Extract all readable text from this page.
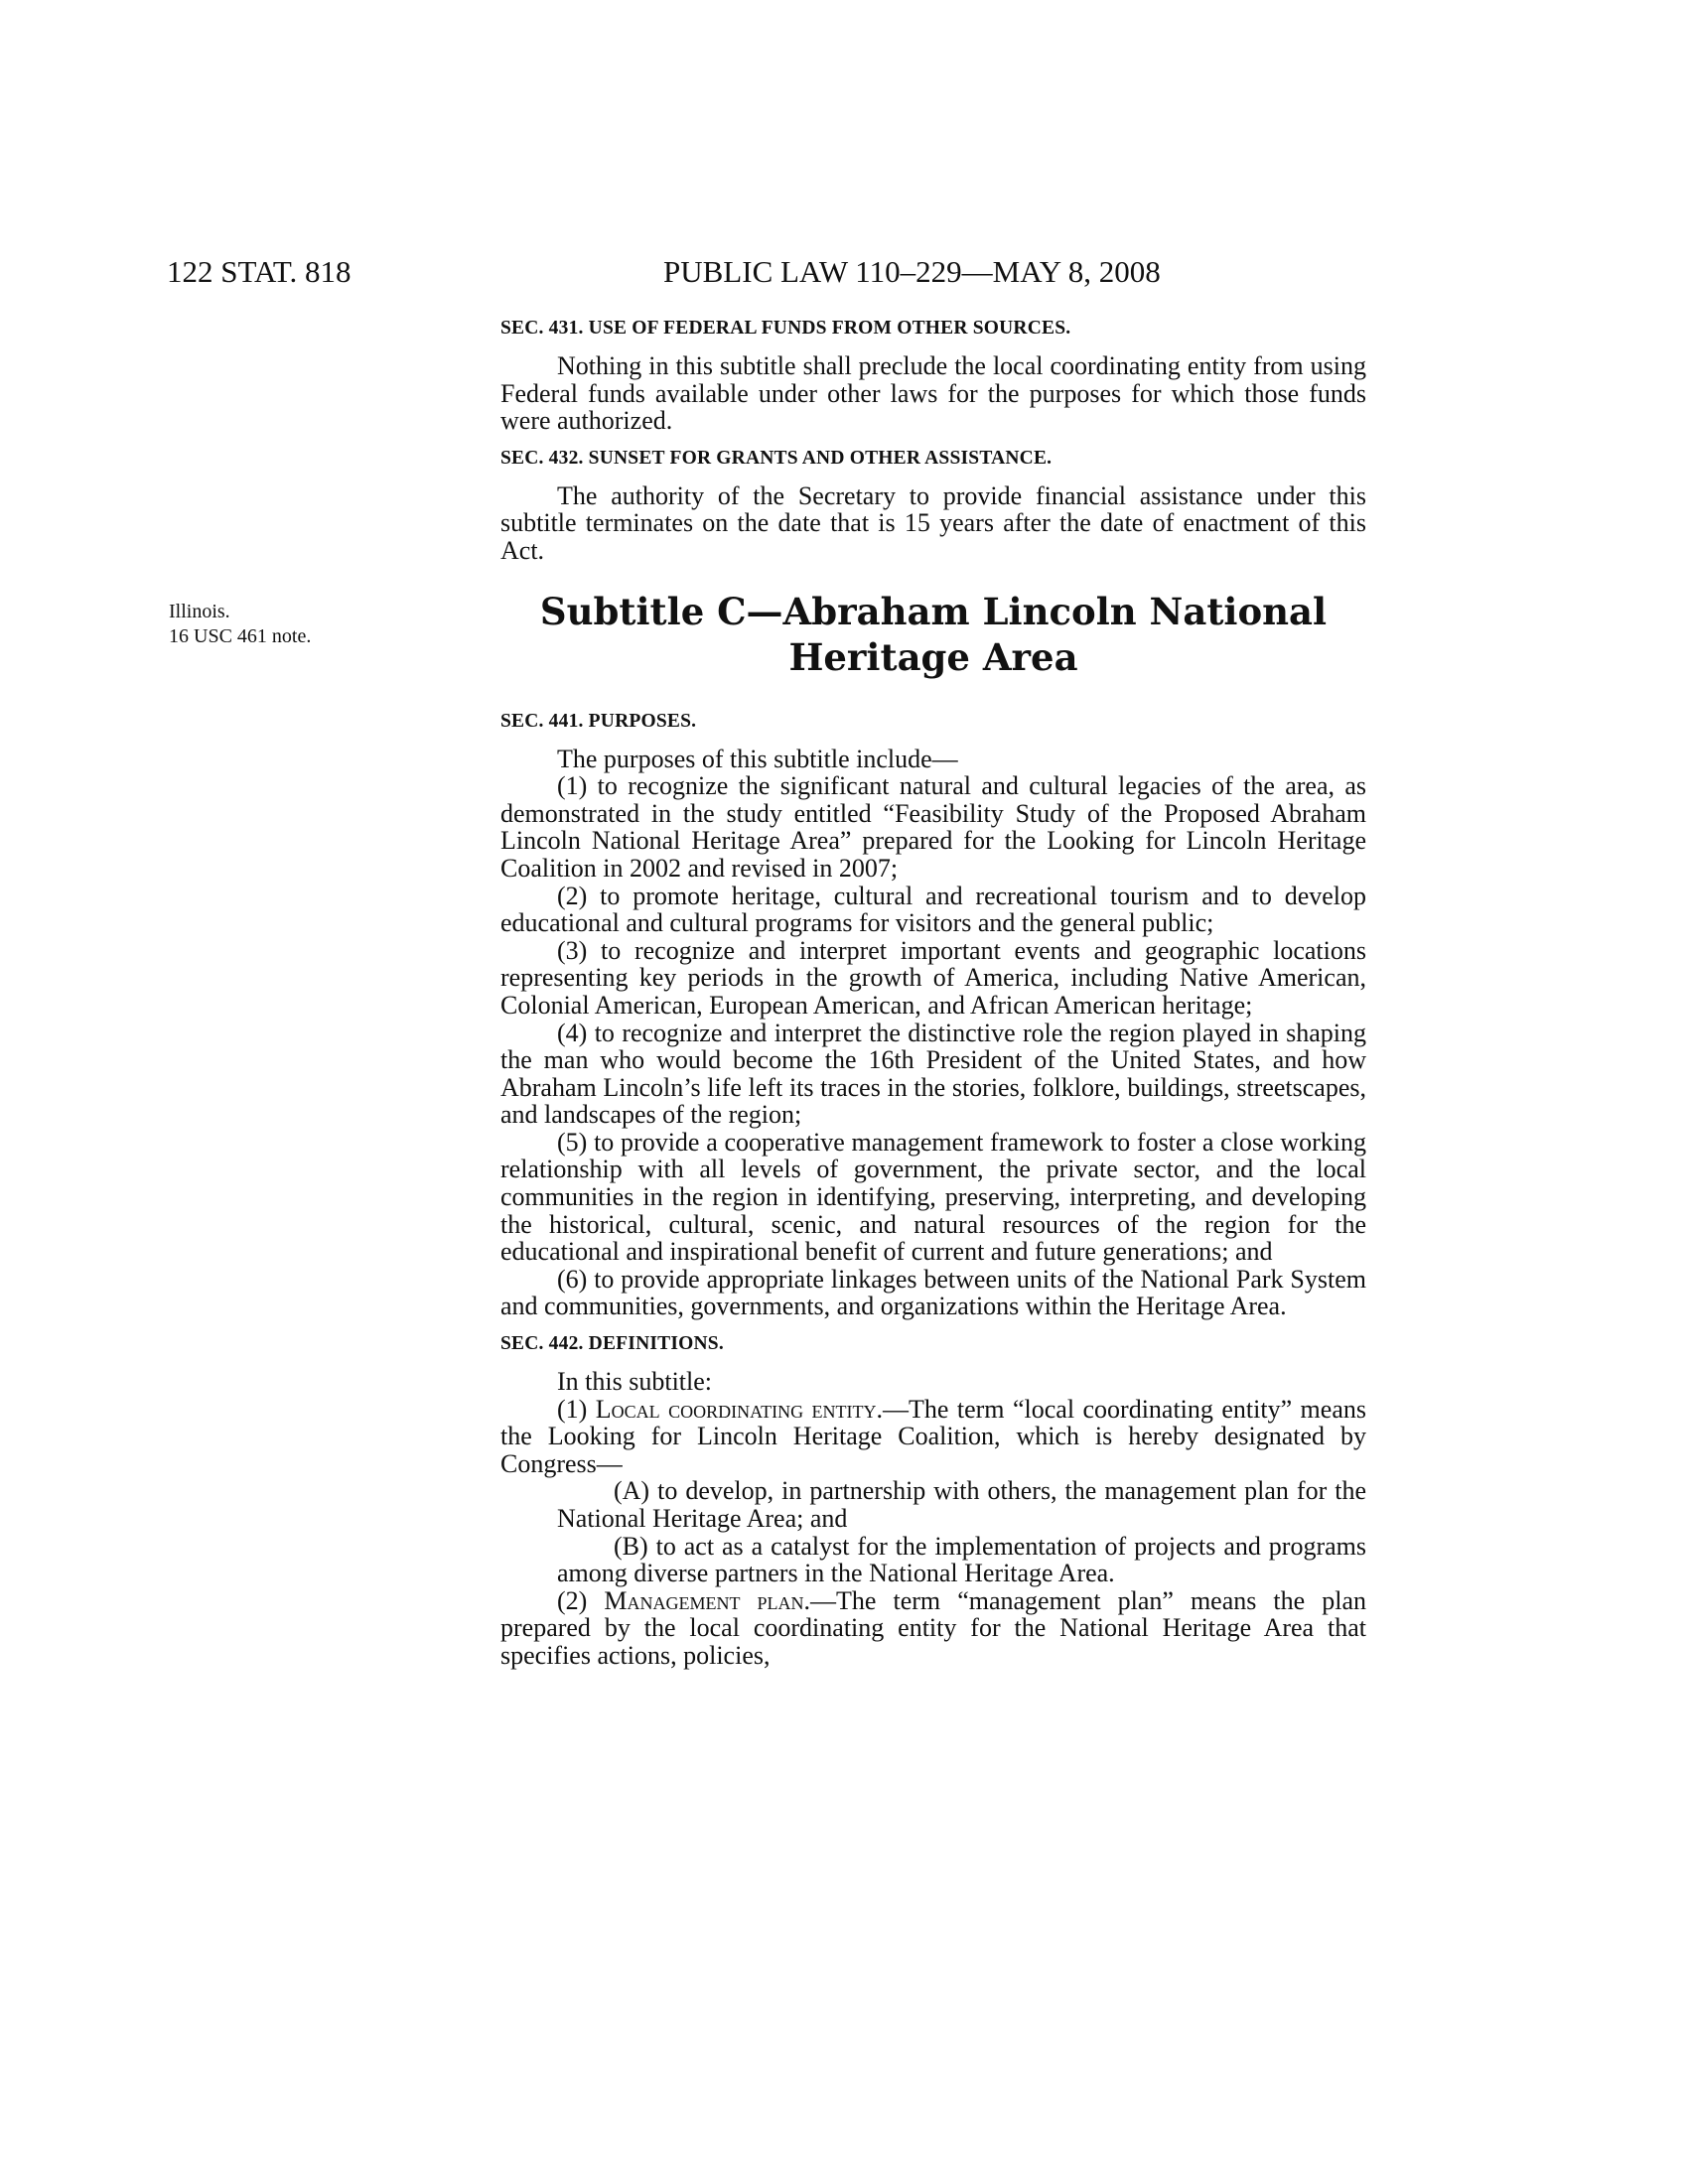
122 STAT. 818	PUBLIC LAW 110–229—MAY 8, 2008
Illinois.
16 USC 461 note.
SEC. 431. USE OF FEDERAL FUNDS FROM OTHER SOURCES.

Nothing in this subtitle shall preclude the local coordinating entity from using Federal funds available under other laws for the purposes for which those funds were authorized.

SEC. 432. SUNSET FOR GRANTS AND OTHER ASSISTANCE.

The authority of the Secretary to provide financial assistance under this subtitle terminates on the date that is 15 years after the date of enactment of this Act.

Subtitle C—Abraham Lincoln National
Heritage Area
SEC. 441. PURPOSES.

The purposes of this subtitle include—

(1) to recognize the significant natural and cultural legacies of the area, as demonstrated in the study entitled “Feasibility Study of the Proposed Abraham Lincoln National Heritage Area” prepared for the Looking for Lincoln Heritage Coalition in 2002 and revised in 2007;

(2) to promote heritage, cultural and recreational tourism and to develop educational and cultural programs for visitors and the general public;

(3) to recognize and interpret important events and geographic locations representing key periods in the growth of America, including Native American, Colonial American, European American, and African American heritage;

(4) to recognize and interpret the distinctive role the region played in shaping the man who would become the 16th President of the United States, and how Abraham Lincoln’s life left its traces in the stories, folklore, buildings, streetscapes, and landscapes of the region;

(5) to provide a cooperative management framework to foster a close working relationship with all levels of government, the private sector, and the local communities in the region in identifying, preserving, interpreting, and developing the historical, cultural, scenic, and natural resources of the region for the educational and inspirational benefit of current and future generations; and

(6) to provide appropriate linkages between units of the National Park System and communities, governments, and organizations within the Heritage Area.

SEC. 442. DEFINITIONS.

In this subtitle:

(1) Local coordinating entity.—The term “local coordinating entity” means the Looking for Lincoln Heritage Coalition, which is hereby designated by Congress—

(A) to develop, in partnership with others, the management plan for the National Heritage Area; and

(B) to act as a catalyst for the implementation of projects and programs among diverse partners in the National Heritage Area.

(2) Management plan.—The term “management plan” means the plan prepared by the local coordinating entity for the National Heritage Area that specifies actions, policies,
